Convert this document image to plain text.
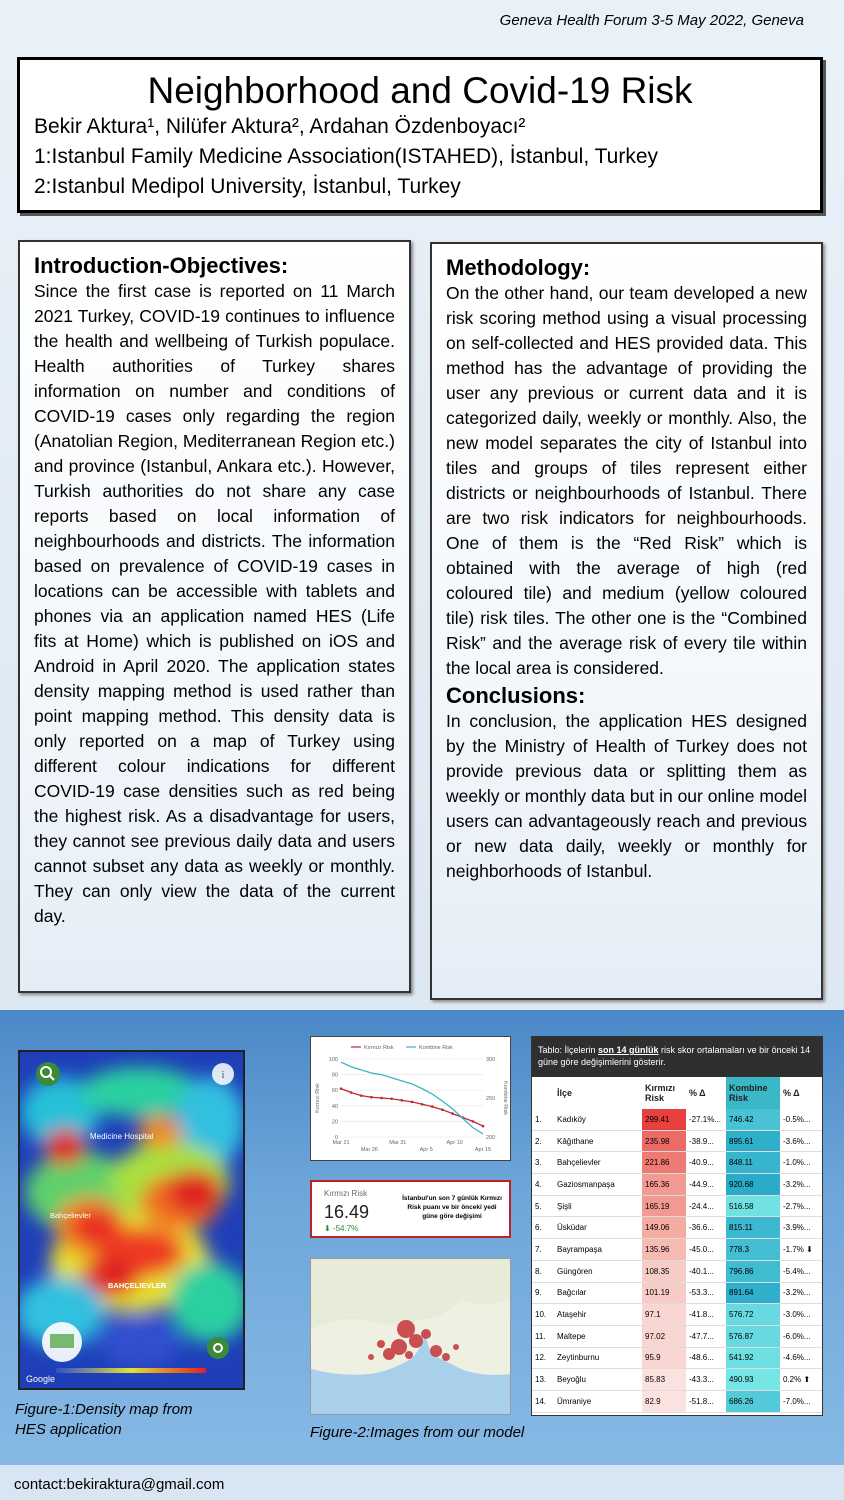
Geneva Health Forum 3-5 May 2022, Geneva
Neighborhood and Covid-19 Risk
Bekir Aktura¹, Nilüfer Aktura², Ardahan Özdenboyacı²
1:Istanbul Family Medicine Association(ISTAHED), İstanbul, Turkey
2:Istanbul Medipol University, İstanbul, Turkey
Introduction-Objectives:

Since the first case is reported on 11 March 2021 Turkey, COVID-19 continues to influence the health and wellbeing of Turkish populace. Health authorities of Turkey shares information on number and conditions of COVID-19 cases only regarding the region (Anatolian Region, Mediterranean Region etc.) and province (Istanbul, Ankara etc.). However, Turkish authorities do not share any case reports based on local information of neighbourhoods and districts. The information based on prevalence of COVID-19 cases in locations can be accessible with tablets and phones via an application named HES (Life fits at Home) which is published on iOS and Android in April 2020. The application states density mapping method is used rather than point mapping method. This density data is only reported on a map of Turkey using different colour indications for different COVID-19 case densities such as red being the highest risk. As a disadvantage for users, they cannot see previous daily data and users cannot subset any data as weekly or monthly. They can only view the data of the current day.

Methodology:

On the other hand, our team developed a new risk scoring method using a visual processing on self-collected and HES provided data. This method has the advantage of providing the user any previous or current data and it is categorized daily, weekly or monthly. Also, the new model separates the city of Istanbul into tiles and groups of tiles represent either districts or neighbourhoods of Istanbul. There are two risk indicators for neighbourhoods. One of them is the “Red Risk” which is obtained with the average of high (red coloured tile) and medium (yellow coloured tile) risk tiles. The other one is the “Combined Risk” and the average risk of every tile within the local area is considered.

Conclusions:

In conclusion, the application HES designed by the Ministry of Health of Turkey does not provide previous data or splitting them as weekly or monthly data but in our online model users can advantageously reach and previous or new data daily, weekly or monthly for neighborhoods of Istanbul.

i
Medicine Hospital
BAHÇELIEVLER
Bahçelievler
Google
Figure-1:Density map from HES application
0
20
40
60
80
100
200
250
300
Mar 21
Mar 26
Mar 31
Apr 5
Apr 10
Apr 15
Kırmızı Risk	Kombine Risk
Kırmızı Risk	Kombine Risk
Kırmızı Risk
16.49
⬇ -54.7%
İstanbul'un son 7 günlük Kırmızı Risk puanı ve bir önceki yedi güne göre değişimi
Figure-2:Images from our model
Tablo: İlçelerin son 14 günlük risk skor ortalamaları ve bir önceki 14 güne göre değişimlerini gösterir.
	İlçe	Kırmızı Risk	% Δ	Kombine Risk	% Δ
1.	Kadıköy	299.41	-27.1%...	746.42	-0.5%...
2.	Kâğıthane	235.98	-38.9...	895.61	-3.6%...
3.	Bahçelievler	221.86	-40.9...	848.11	-1.0%...
4.	Gaziosmanpaşa	165.36	-44.9...	920.68	-3.2%...
5.	Şişli	165.19	-24.4...	516.58	-2.7%...
6.	Üsküdar	149.06	-36.6...	815.11	-3.9%...
7.	Bayrampaşa	135.96	-45.0...	778.3	-1.7% ⬇
8.	Güngören	108.35	-40.1...	796.86	-5.4%...
9.	Bağcılar	101.19	-53.3...	891.64	-3.2%...
10.	Ataşehir	97.1	-41.8...	576.72	-3.0%...
11.	Maltepe	97.02	-47.7...	576.87	-6.0%...
12.	Zeytinburnu	95.9	-48.6...	541.92	-4.6%...
13.	Beyoğlu	85.83	-43.3...	490.93	0.2% ⬆
14.	Ümraniye	82.9	-51.8...	686.26	-7.0%...
contact:bekiraktura@gmail.com
